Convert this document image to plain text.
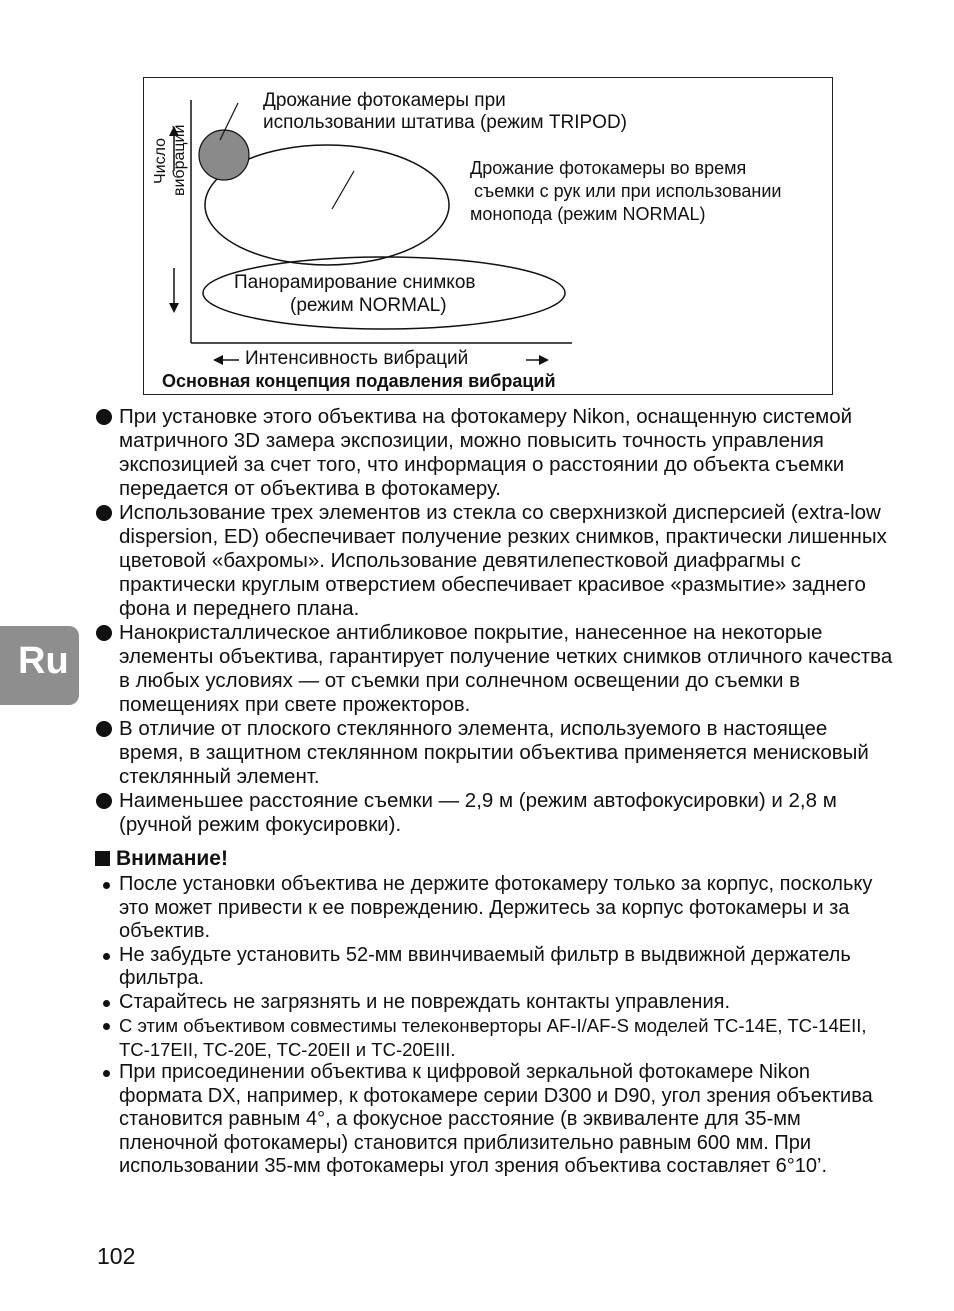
Дрожание фотокамеры при
использовании штатива (режим TRIPOD)
Дрожание фотокамеры во время
съемки с рук или при использовании
монопода (режим NORMAL)
Панорамирование снимков
(режим NORMAL)
Число вибраций
Интенсивность вибраций
Основная концепция подавления вибраций
Ru
При установке этого объектива на фотокамеру Nikon, оснащенную системой матричного 3D замера экспозиции, можно повысить точность управления экспозицией за счет того, что информация о расстоянии до объекта съемки передается от объектива в фотокамеру.
Использование трех элементов из стекла со сверхнизкой дисперсией (extra-low dispersion, ED) обеспечивает получение резких снимков, практически лишенных цветовой «бахромы». Использование девятилепестковой диафрагмы с практически круглым отверстием обеспечивает красивое «размытие» заднего фона и переднего плана.
Нанокристаллическое антибликовое покрытие, нанесенное на некоторые элементы объектива, гарантирует получение четких снимков отличного качества в любых условиях — от съемки при солнечном освещении до съемки в помещениях при свете прожекторов.
В отличие от плоского стеклянного элемента, используемого в настоящее время, в защитном стеклянном покрытии объектива применяется менисковый стеклянный элемент.
Наименьшее расстояние съемки — 2,9 м (режим автофокусировки) и 2,8 м (ручной режим фокусировки).
Внимание!
После установки объектива не держите фотокамеру только за корпус, поскольку это может привести к ее повреждению. Держитесь за корпус фотокамеры и за объектив.
Не забудьте установить 52-мм ввинчиваемый фильтр в выдвижной держатель фильтра.
Старайтесь не загрязнять и не повреждать контакты управления.
С этим объективом совместимы телеконверторы AF-I/AF-S моделей TC-14E, TC-14EII, TC-17EII, TC-20E, TC-20EII и TC-20EIII.
При присоединении объектива к цифровой зеркальной фотокамере Nikon формата DX, например, к фотокамере серии D300 и D90, угол зрения объектива становится равным 4°, а фокусное расстояние (в эквиваленте для 35-мм пленочной фотокамеры) становится приблизительно равным 600 мм. При использовании 35-мм фотокамеры угол зрения объектива составляет 6°10’.
102
